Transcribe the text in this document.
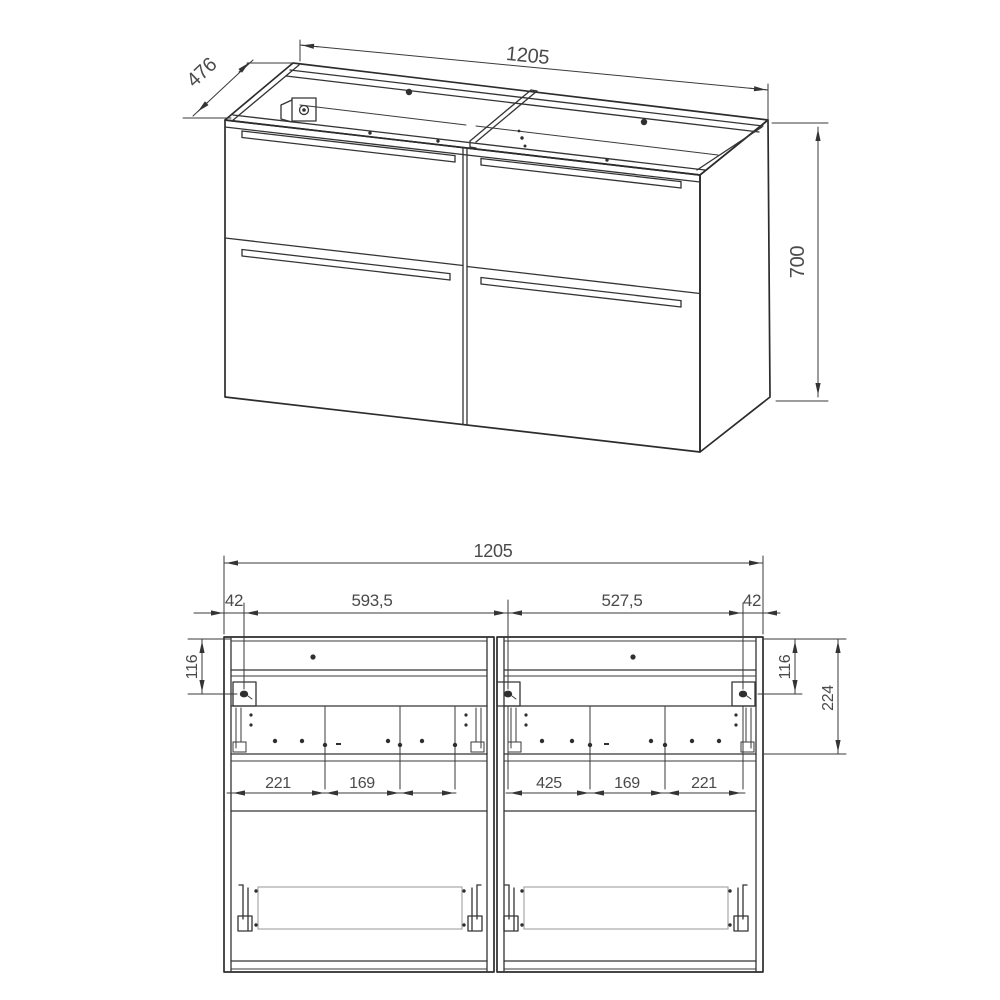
1205
476
700
1205
42	593,5	527,5	42
116	116
224
221	169	425	169	221
